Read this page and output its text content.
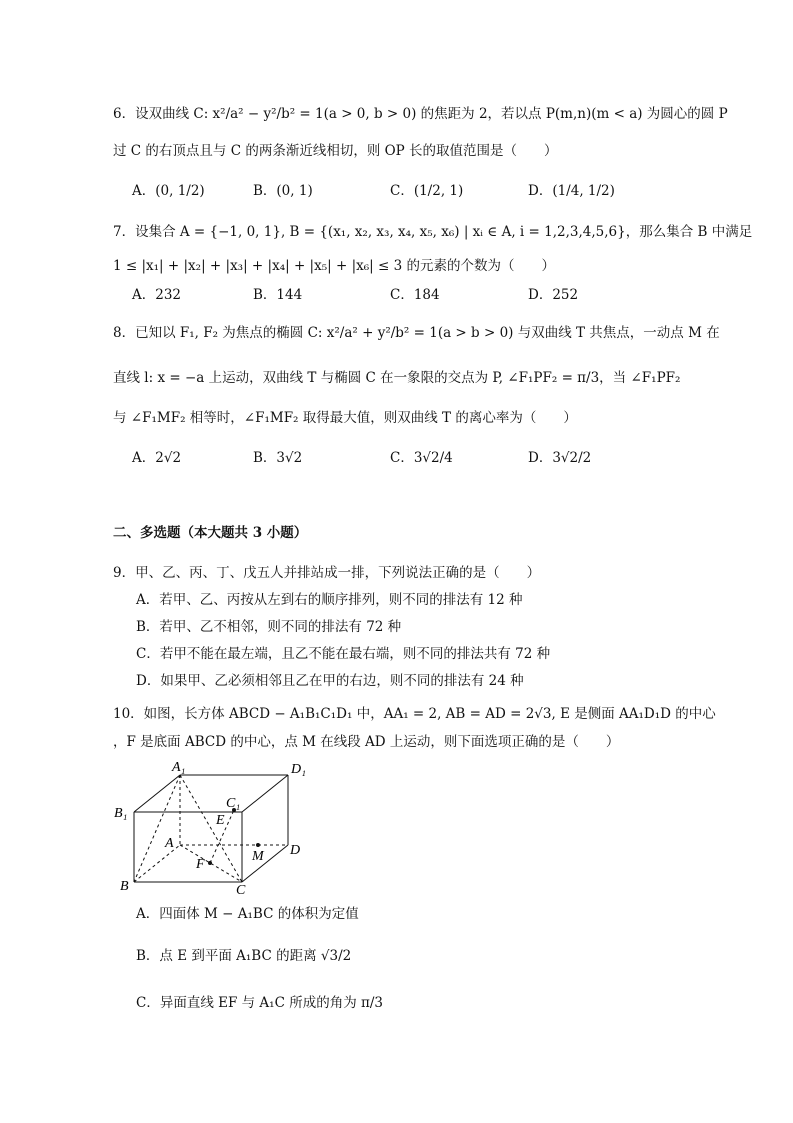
6．设双曲线 C: x²/a² − y²/b² = 1(a > 0, b > 0) 的焦距为 2，若以点 P(m,n)(m < a) 为圆心的圆 P
过 C 的右顶点且与 C 的两条渐近线相切，则 OP 长的取值范围是（　　）
A．(0, 1/2)	B．(0, 1)	C．(1/2, 1)	D．(1/4, 1/2)
7．设集合 A = {−1, 0, 1}, B = {(x₁, x₂, x₃, x₄, x₅, x₆) | xᵢ ∈ A, i = 1,2,3,4,5,6}，那么集合 B 中满足
1 ≤ |x₁| + |x₂| + |x₃| + |x₄| + |x₅| + |x₆| ≤ 3 的元素的个数为（　　）
A．232	B．144	C．184	D．252
8．已知以 F₁, F₂ 为焦点的椭圆 C: x²/a² + y²/b² = 1(a > b > 0) 与双曲线 T 共焦点，一动点 M 在
直线 l: x = −a 上运动，双曲线 T 与椭圆 C 在一象限的交点为 P, ∠F₁PF₂ = π/3，当 ∠F₁PF₂
与 ∠F₁MF₂ 相等时，∠F₁MF₂ 取得最大值，则双曲线 T 的离心率为（　　）
A．2√2	B．3√2	C．3√2/4	D．3√2/2
二、多选题（本大题共 3 小题）
9．甲、乙、丙、丁、戊五人并排站成一排，下列说法正确的是（　　）
A．若甲、乙、丙按从左到右的顺序排列，则不同的排法有 12 种
B．若甲、乙不相邻，则不同的排法有 72 种
C．若甲不能在最左端，且乙不能在最右端，则不同的排法共有 72 种
D．如果甲、乙必须相邻且乙在甲的右边，则不同的排法有 24 种
10．如图，长方体 ABCD − A₁B₁C₁D₁ 中，AA₁ = 2, AB = AD = 2√3, E 是侧面 AA₁D₁D 的中心
，F 是底面 ABCD 的中心，点 M 在线段 AD 上运动，则下面选项正确的是（　　）
A₁	D₁
B₁
C₁
E
A
F
M D
B	C
A．四面体 M − A₁BC 的体积为定值
B．点 E 到平面 A₁BC 的距离 √3/2
C．异面直线 EF 与 A₁C 所成的角为 π/3
